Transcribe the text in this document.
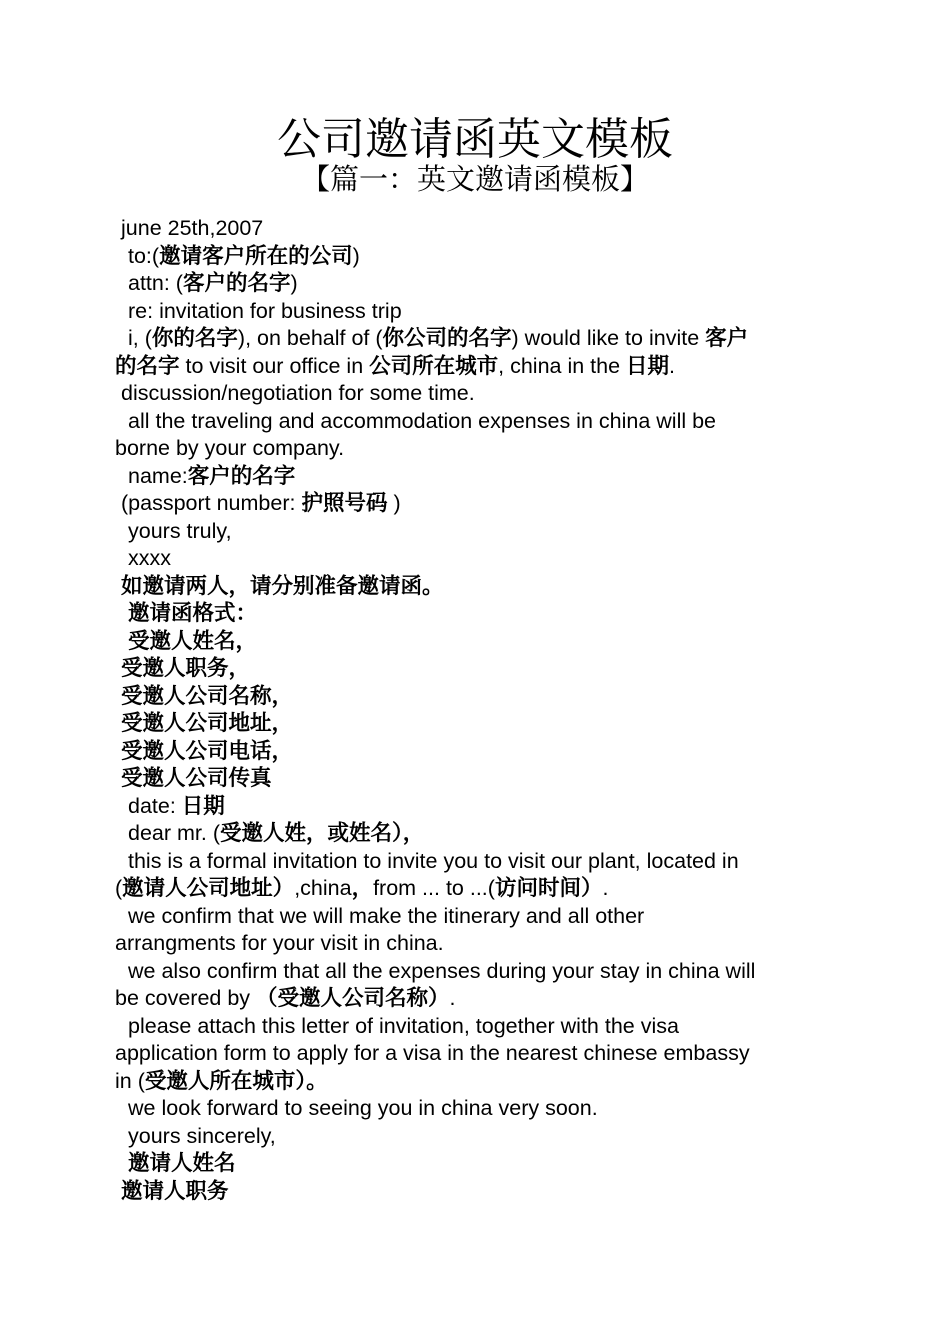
公司邀请函英文模板
【篇一：英文邀请函模板】
june 25th,2007
to:(邀请客户所在的公司)
attn: (客户的名字)
re: invitation for business trip
i, (你的名字), on behalf of (你公司的名字) would like to invite 客户
的名字 to visit our office in 公司所在城市, china in the 日期.
discussion/negotiation for some time.
all the traveling and accommodation expenses in china will be
borne by your company.
name:客户的名字
(passport number: 护照号码 )
yours truly,
xxxx
如邀请两人，请分别准备邀请函。
邀请函格式：
受邀人姓名，
受邀人职务，
受邀人公司名称，
受邀人公司地址，
受邀人公司电话，
受邀人公司传真
date: 日期
dear mr. (受邀人姓，或姓名），
this is a formal invitation to invite you to visit our plant, located in
(邀请人公司地址）,china，from ... to ...(访问时间）.
we confirm that we will make the itinerary and all other
arrangments for your visit in china.
we also confirm that all the expenses during your stay in china will
be covered by （受邀人公司名称）.
please attach this letter of invitation, together with the visa
application form to apply for a visa in the nearest chinese embassy
in (受邀人所在城市）。
we look forward to seeing you in china very soon.
yours sincerely,
邀请人姓名
邀请人职务
